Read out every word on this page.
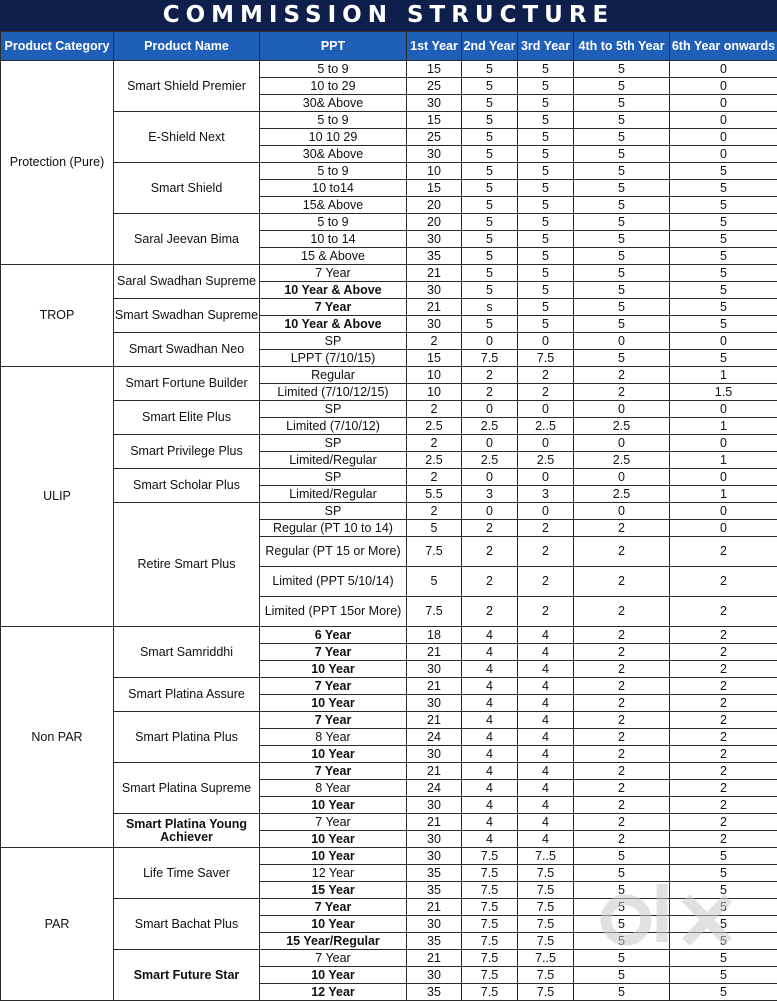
COMMISSION STRUCTURE
Product Category	Product Name	PPT	1st Year	2nd Year	3rd Year	4th to 5th Year	6th Year onwards
Protection (Pure)	Smart Shield Premier	5 to 9	15	5	5	5	0
		10 to 29	25	5	5	5	0
		30& Above	30	5	5	5	0
	E-Shield Next	5 to 9	15	5	5	5	0
		10 10 29	25	5	5	5	0
		30& Above	30	5	5	5	0
	Smart Shield	5 to 9	10	5	5	5	5
		10 to14	15	5	5	5	5
		15& Above	20	5	5	5	5
	Saral Jeevan Bima	5 to 9	20	5	5	5	5
		10 to 14	30	5	5	5	5
		15 & Above	35	5	5	5	5
TROP	Saral Swadhan Supreme	7 Year	21	5	5	5	5
		10 Year & Above	30	5	5	5	5
	Smart Swadhan Supreme	7 Year	21	s	5	5	5
		10 Year & Above	30	5	5	5	5
	Smart Swadhan Neo	SP	2	0	0	0	0
		LPPT (7/10/15)	15	7.5	7.5	5	5
ULIP	Smart Fortune Builder	Regular	10	2	2	2	1
		Limited (7/10/12/15)	10	2	2	2	1.5
	Smart Elite Plus	SP	2	0	0	0	0
		Limited (7/10/12)	2.5	2.5	2..5	2.5	1
	Smart Privilege Plus	SP	2	0	0	0	0
		Limited/Regular	2.5	2.5	2.5	2.5	1
	Smart Scholar Plus	SP	2	0	0	0	0
		Limited/Regular	5.5	3	3	2.5	1
	Retire Smart Plus	SP	2	0	0	0	0
		Regular (PT 10 to 14)	5	2	2	2	0
		Regular (PT 15 or More)	7.5	2	2	2	2
		Limited (PPT 5/10/14)	5	2	2	2	2
		Limited (PPT 15or More)	7.5	2	2	2	2
Non PAR	Smart Samriddhi	6 Year	18	4	4	2	2
		7 Year	21	4	4	2	2
		10 Year	30	4	4	2	2
	Smart Platina Assure	7 Year	21	4	4	2	2
		10 Year	30	4	4	2	2
	Smart Platina Plus	7 Year	21	4	4	2	2
		8 Year	24	4	4	2	2
		10 Year	30	4	4	2	2
	Smart Platina Supreme	7 Year	21	4	4	2	2
		8 Year	24	4	4	2	2
		10 Year	30	4	4	2	2
	Smart Platina Young Achiever	7 Year	21	4	4	2	2
		10 Year	30	4	4	2	2
PAR	Life Time Saver	10 Year	30	7.5	7..5	5	5
		12 Year	35	7.5	7.5	5	5
		15 Year	35	7.5	7.5	5	5
	Smart Bachat Plus	7 Year	21	7.5	7.5	5	5
		10 Year	30	7.5	7.5	5	5
		15 Year/Regular	35	7.5	7.5	5	5
	Smart Future Star	7 Year	21	7.5	7..5	5	5
		10 Year	30	7.5	7.5	5	5
		12 Year	35	7.5	7.5	5	5
